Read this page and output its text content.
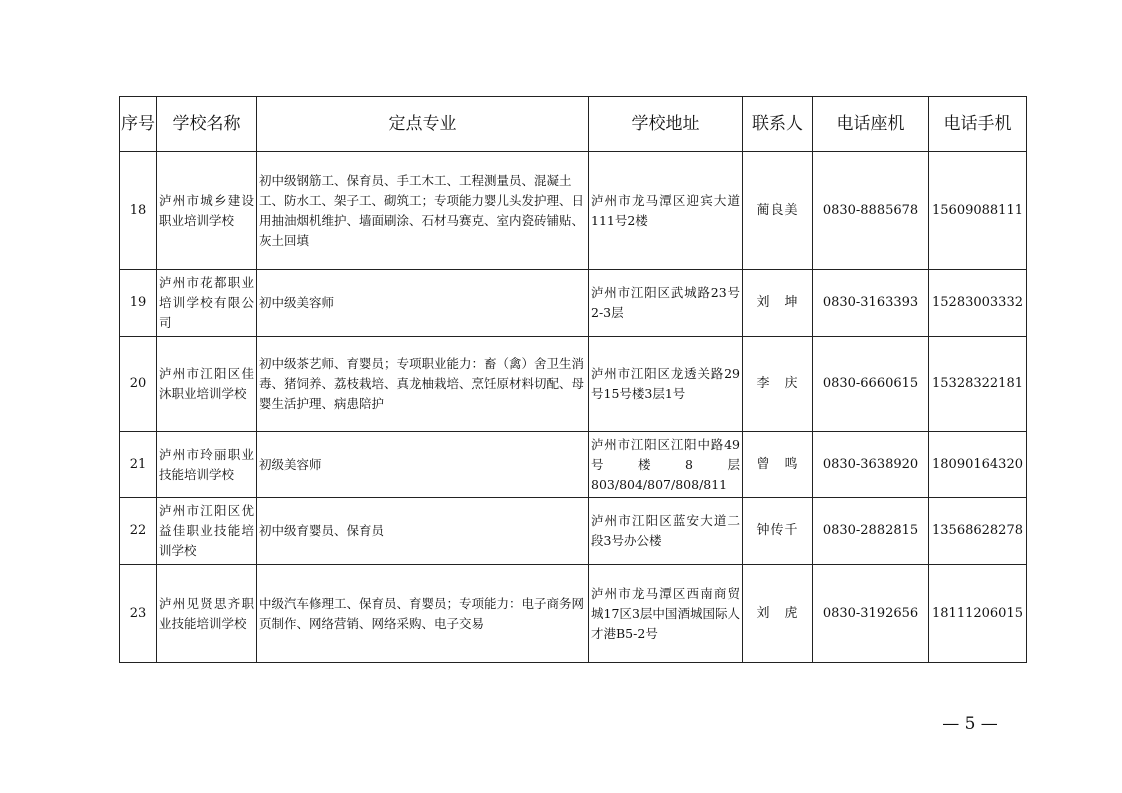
序号	学校名称	定点专业	学校地址	联系人	电话座机	电话手机
18	泸州市城乡建设职业培训学校	初中级钢筋工、保育员、手工木工、工程测量员、混凝土工、防水工、架子工、砌筑工；专项能力婴儿头发护理、日用抽油烟机维护、墙面刷涂、石材马赛克、室内瓷砖铺贴、灰土回填	泸州市龙马潭区迎宾大道111号2楼	蔺良美	0830-8885678	15609088111
19	泸州市花都职业培训学校有限公司	初中级美容师	泸州市江阳区武城路23号2-3层	刘　坤	0830-3163393	15283003332
20	泸州市江阳区佳沐职业培训学校	初中级茶艺师、育婴员；专项职业能力：畜（禽）舍卫生消毒、猪饲养、荔枝栽培、真龙柚栽培、烹饪原材料切配、母婴生活护理、病患陪护	泸州市江阳区龙透关路29号15号楼3层1号	李　庆	0830-6660615	15328322181
21	泸州市玲丽职业技能培训学校	初级美容师	泸州市江阳区江阳中路49号楼8层803/804/807/808/811	曾　鸣	0830-3638920	18090164320
22	泸州市江阳区优益佳职业技能培训学校	初中级育婴员、保育员	泸州市江阳区蓝安大道二段3号办公楼	钟传千	0830-2882815	13568628278
23	泸州见贤思齐职业技能培训学校	中级汽车修理工、保育员、育婴员；专项能力：电子商务网页制作、网络营销、网络采购、电子交易	泸州市龙马潭区西南商贸城17区3层中国酒城国际人才港B5-2号	刘　虎	0830-3192656	18111206015
— 5 —
